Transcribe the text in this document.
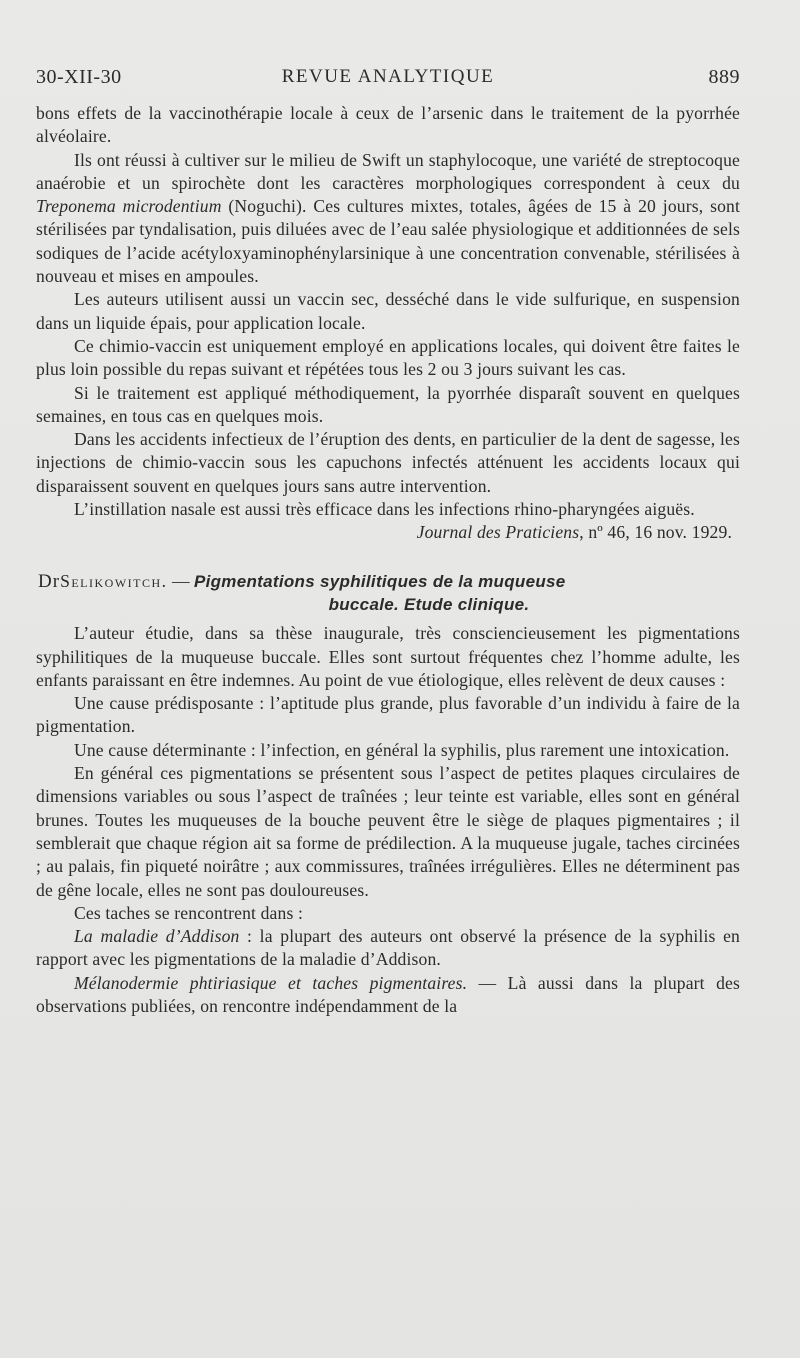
30-XII-30	REVUE ANALYTIQUE	889

bons effets de la vaccinothérapie locale à ceux de l’arsenic dans le traitement de la pyorrhée alvéolaire.

Ils ont réussi à cultiver sur le milieu de Swift un staphylocoque, une variété de streptocoque anaérobie et un spirochète dont les caractères morphologiques correspondent à ceux du Treponema microdentium (Noguchi). Ces cultures mixtes, totales, âgées de 15 à 20 jours, sont stérilisées par tyndalisation, puis diluées avec de l’eau salée physiologique et additionnées de sels sodiques de l’acide acétyloxyaminophénylarsinique à une concentration convenable, stérilisées à nouveau et mises en ampoules.

Les auteurs utilisent aussi un vaccin sec, desséché dans le vide sulfurique, en suspension dans un liquide épais, pour application locale.

Ce chimio-vaccin est uniquement employé en applications locales, qui doivent être faites le plus loin possible du repas suivant et répétées tous les 2 ou 3 jours suivant les cas.

Si le traitement est appliqué méthodiquement, la pyorrhée disparaît souvent en quelques semaines, en tous cas en quelques mois.

Dans les accidents infectieux de l’éruption des dents, en particulier de la dent de sagesse, les injections de chimio-vaccin sous les capuchons infectés atténuent les accidents locaux qui disparaissent souvent en quelques jours sans autre intervention.

L’instillation nasale est aussi très efficace dans les infections rhino-pharyngées aiguës.

Journal des Praticiens, nº 46, 16 nov. 1929.

DrSelikowitch. — Pigmentations syphilitiques de la muqueuse
buccale. Etude clinique.

L’auteur étudie, dans sa thèse inaugurale, très consciencieusement les pigmentations syphilitiques de la muqueuse buccale. Elles sont surtout fréquentes chez l’homme adulte, les enfants paraissant en être indemnes. Au point de vue étiologique, elles relèvent de deux causes :

Une cause prédisposante : l’aptitude plus grande, plus favorable d’un individu à faire de la pigmentation.

Une cause déterminante : l’infection, en général la syphilis, plus rarement une intoxication.

En général ces pigmentations se présentent sous l’aspect de petites plaques circulaires de dimensions variables ou sous l’aspect de traînées ; leur teinte est variable, elles sont en général brunes. Toutes les muqueuses de la bouche peuvent être le siège de plaques pigmentaires ; il semblerait que chaque région ait sa forme de prédilection. A la muqueuse jugale, taches circinées ; au palais, fin piqueté noirâtre ; aux commissures, traînées irrégulières. Elles ne déterminent pas de gêne locale, elles ne sont pas douloureuses.

Ces taches se rencontrent dans :

La maladie d’Addison : la plupart des auteurs ont observé la présence de la syphilis en rapport avec les pigmentations de la maladie d’Addison.

Mélanodermie phtiriasique et taches pigmentaires. — Là aussi dans la plupart des observations publiées, on rencontre indépendamment de la
